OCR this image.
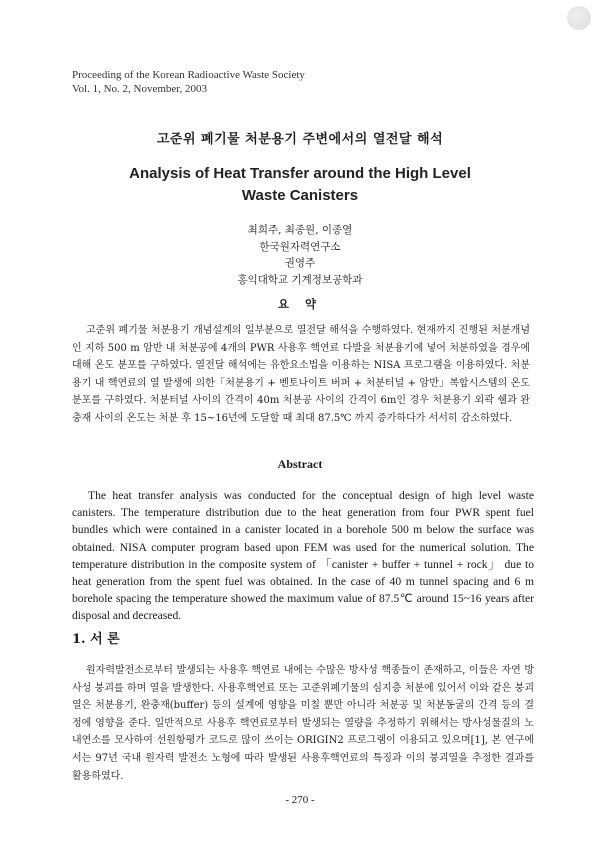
Proceeding of the Korean Radioactive Waste Society
Vol. 1, No. 2, November, 2003
고준위 폐기물 처분용기 주변에서의 열전달 해석
Analysis of Heat Transfer around the High Level
Waste Canisters
최희주, 최종원, 이종열
한국원자력연구소
권영주
홍익대학교 기계정보공학과
요 약

고준위 폐기물 처분용기 개념설계의 일부분으로 열전달 해석을 수행하였다. 현재까지 진행된 처분개념인 지하 500 m 암반 내 처분공에 4개의 PWR 사용후 핵연료 다발을 처분용기에 넣어 처분하였을 경우에 대해 온도 분포를 구하였다. 열전달 해석에는 유한요소법을 이용하는 NISA 프로그램을 이용하였다. 처분용기 내 핵연료의 열 발생에 의한「처분용기 + 벤토나이트 버퍼 + 처분터널 + 암반」복합시스템의 온도분포를 구하였다. 처분터널 사이의 간격이 40m 처분공 사이의 간격이 6m인 경우 처분용기 외곽 쉘과 완충재 사이의 온도는 처분 후 15~16년에 도달할 때 최대 87.5℃ 까지 증가하다가 서서히 감소하였다.

Abstract

The heat transfer analysis was conducted for the conceptual design of high level waste canisters. The temperature distribution due to the heat generation from four PWR spent fuel bundles which were contained in a canister located in a borehole 500 m below the surface was obtained. NISA computer program based upon FEM was used for the numerical solution. The temperature distribution in the composite system of 「canister + buffer + tunnel + rock」 due to heat generation from the spent fuel was obtained. In the case of 40 m tunnel spacing and 6 m borehole spacing the temperature showed the maximum value of 87.5℃ around 15~16 years after disposal and decreased.

1. 서 론

원자력발전소로부터 발생되는 사용후 핵연료 내에는 수많은 방사성 핵종들이 존재하고, 이들은 자연 방사성 붕괴를 하며 열을 발생한다. 사용후핵연료 또는 고준위폐기물의 심지층 처분에 있어서 이와 같은 붕괴열은 처분용기, 완충재(buffer) 등의 설계에 영향을 미칠 뿐만 아니라 처분공 및 처분동굴의 간격 등의 결정에 영향을 준다. 일반적으로 사용후 핵연료로부터 발생되는 열량을 추정하기 위해서는 방사성물질의 노내연소를 모사하여 선원항평가 코드로 많이 쓰이는 ORIGIN2 프로그램이 이용되고 있으며[1], 본 연구에서는 97년 국내 원자력 발전소 노형에 따라 발생된 사용후핵연료의 특징과 이의 붕괴열을 추정한 결과를 활용하였다.

- 270 -
